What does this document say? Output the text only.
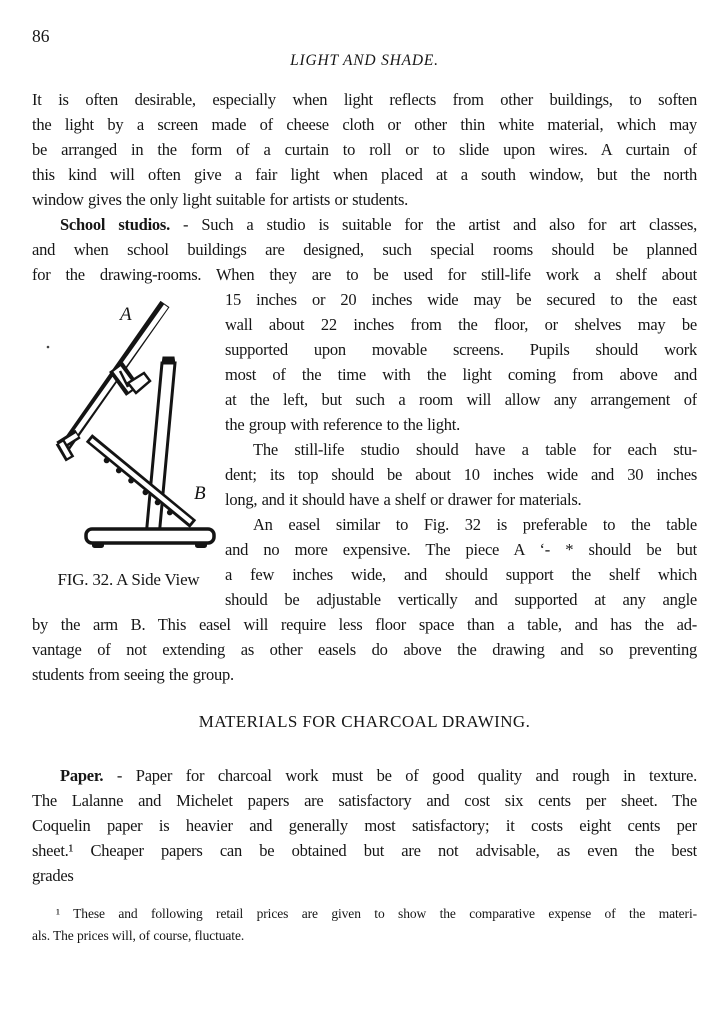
86
LIGHT AND SHADE.
It is often desirable, especially when light reflects from other buildings, to soften
the light by a screen made of cheese cloth or other thin white material, which may
be arranged in the form of a curtain to roll or to slide upon wires. A curtain of
this kind will often give a fair light when placed at a south window, but the north
window gives the only light suitable for artists or students.
School studios. - Such a studio is suitable for the artist and also for art classes,
and when school buildings are designed, such special rooms should be planned
for the drawing-rooms. When they are to be used for still-life work a shelf about
A
B
FIG. 32. A Side View
15 inches or 20 inches wide may be secured to the east
wall about 22 inches from the floor, or shelves may be
supported upon movable screens. Pupils should work
most of the time with the light coming from above and
at the left, but such a room will allow any arrangement of
the group with reference to the light.
The still-life studio should have a table for each stu-
dent; its top should be about 10 inches wide and 30 inches
long, and it should have a shelf or drawer for materials.
An easel similar to Fig. 32 is preferable to the table
and no more expensive. The piece A ‘- * should be but
a few inches wide, and should support the shelf which
should be adjustable vertically and supported at any angle
by the arm B. This easel will require less floor space than a table, and has the ad-
vantage of not extending as other easels do above the drawing and so preventing
students from seeing the group.
MATERIALS FOR CHARCOAL DRAWING.
Paper. - Paper for charcoal work must be of good quality and rough in texture.
The Lalanne and Michelet papers are satisfactory and cost six cents per sheet. The
Coquelin paper is heavier and generally most satisfactory; it costs eight cents per
sheet.¹ Cheaper papers can be obtained but are not advisable, as even the best
grades
¹ These and following retail prices are given to show the comparative expense of the materi-
als. The prices will, of course, fluctuate.
